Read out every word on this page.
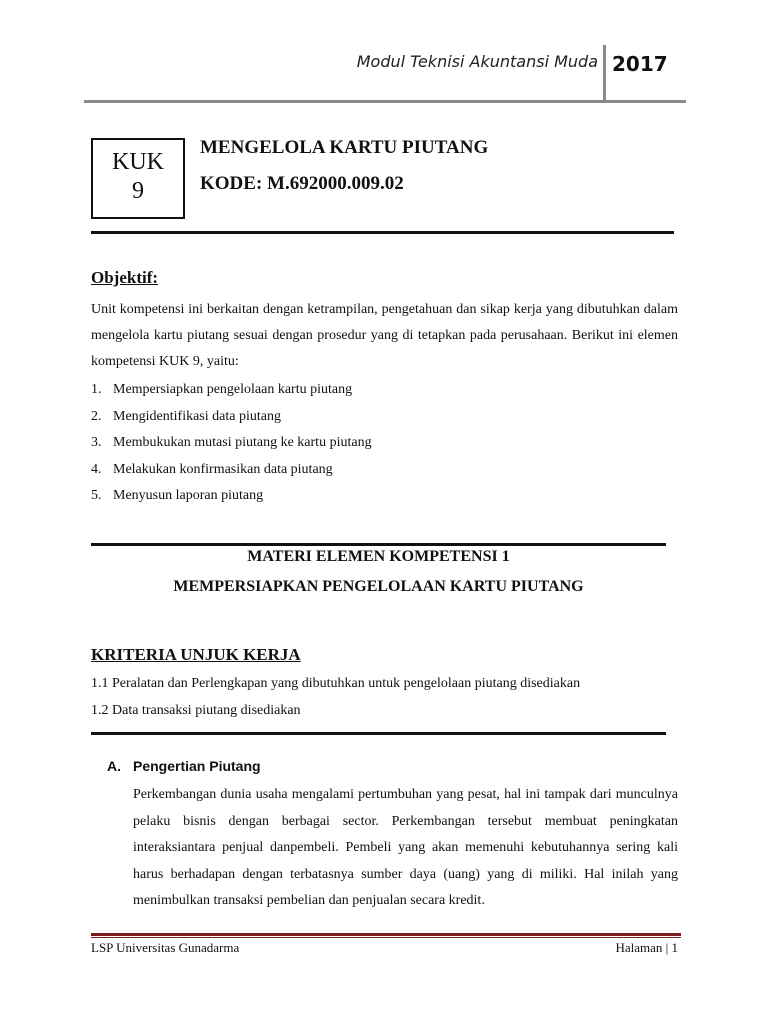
Modul Teknisi Akuntansi Muda 2017
KUK
9
MENGELOLA KARTU PIUTANG
KODE: M.692000.009.02
Objektif:
Unit kompetensi ini berkaitan dengan ketrampilan, pengetahuan dan sikap kerja yang dibutuhkan dalam mengelola kartu piutang sesuai dengan prosedur yang di tetapkan pada perusahaan. Berikut ini elemen kompetensi KUK 9, yaitu:
1. Mempersiapkan pengelolaan kartu piutang
2. Mengidentifikasi data piutang
3. Membukukan mutasi piutang ke kartu piutang
4. Melakukan konfirmasikan data piutang
5. Menyusun laporan piutang
MATERI ELEMEN KOMPETENSI 1
MEMPERSIAPKAN PENGELOLAAN KARTU PIUTANG
KRITERIA UNJUK KERJA
1.1 Peralatan dan Perlengkapan yang dibutuhkan untuk pengelolaan piutang disediakan
1.2 Data transaksi piutang disediakan
A. Pengertian Piutang
Perkembangan dunia usaha mengalami pertumbuhan yang pesat, hal ini tampak dari munculnya pelaku bisnis dengan berbagai sector. Perkembangan tersebut membuat peningkatan interaksiantara penjual danpembeli. Pembeli yang akan memenuhi kebutuhannya sering kali harus berhadapan dengan terbatasnya sumber daya (uang) yang di miliki. Hal inilah yang menimbulkan transaksi pembelian dan penjualan secara kredit.
LSP Universitas Gunadarma	Halaman | 1
